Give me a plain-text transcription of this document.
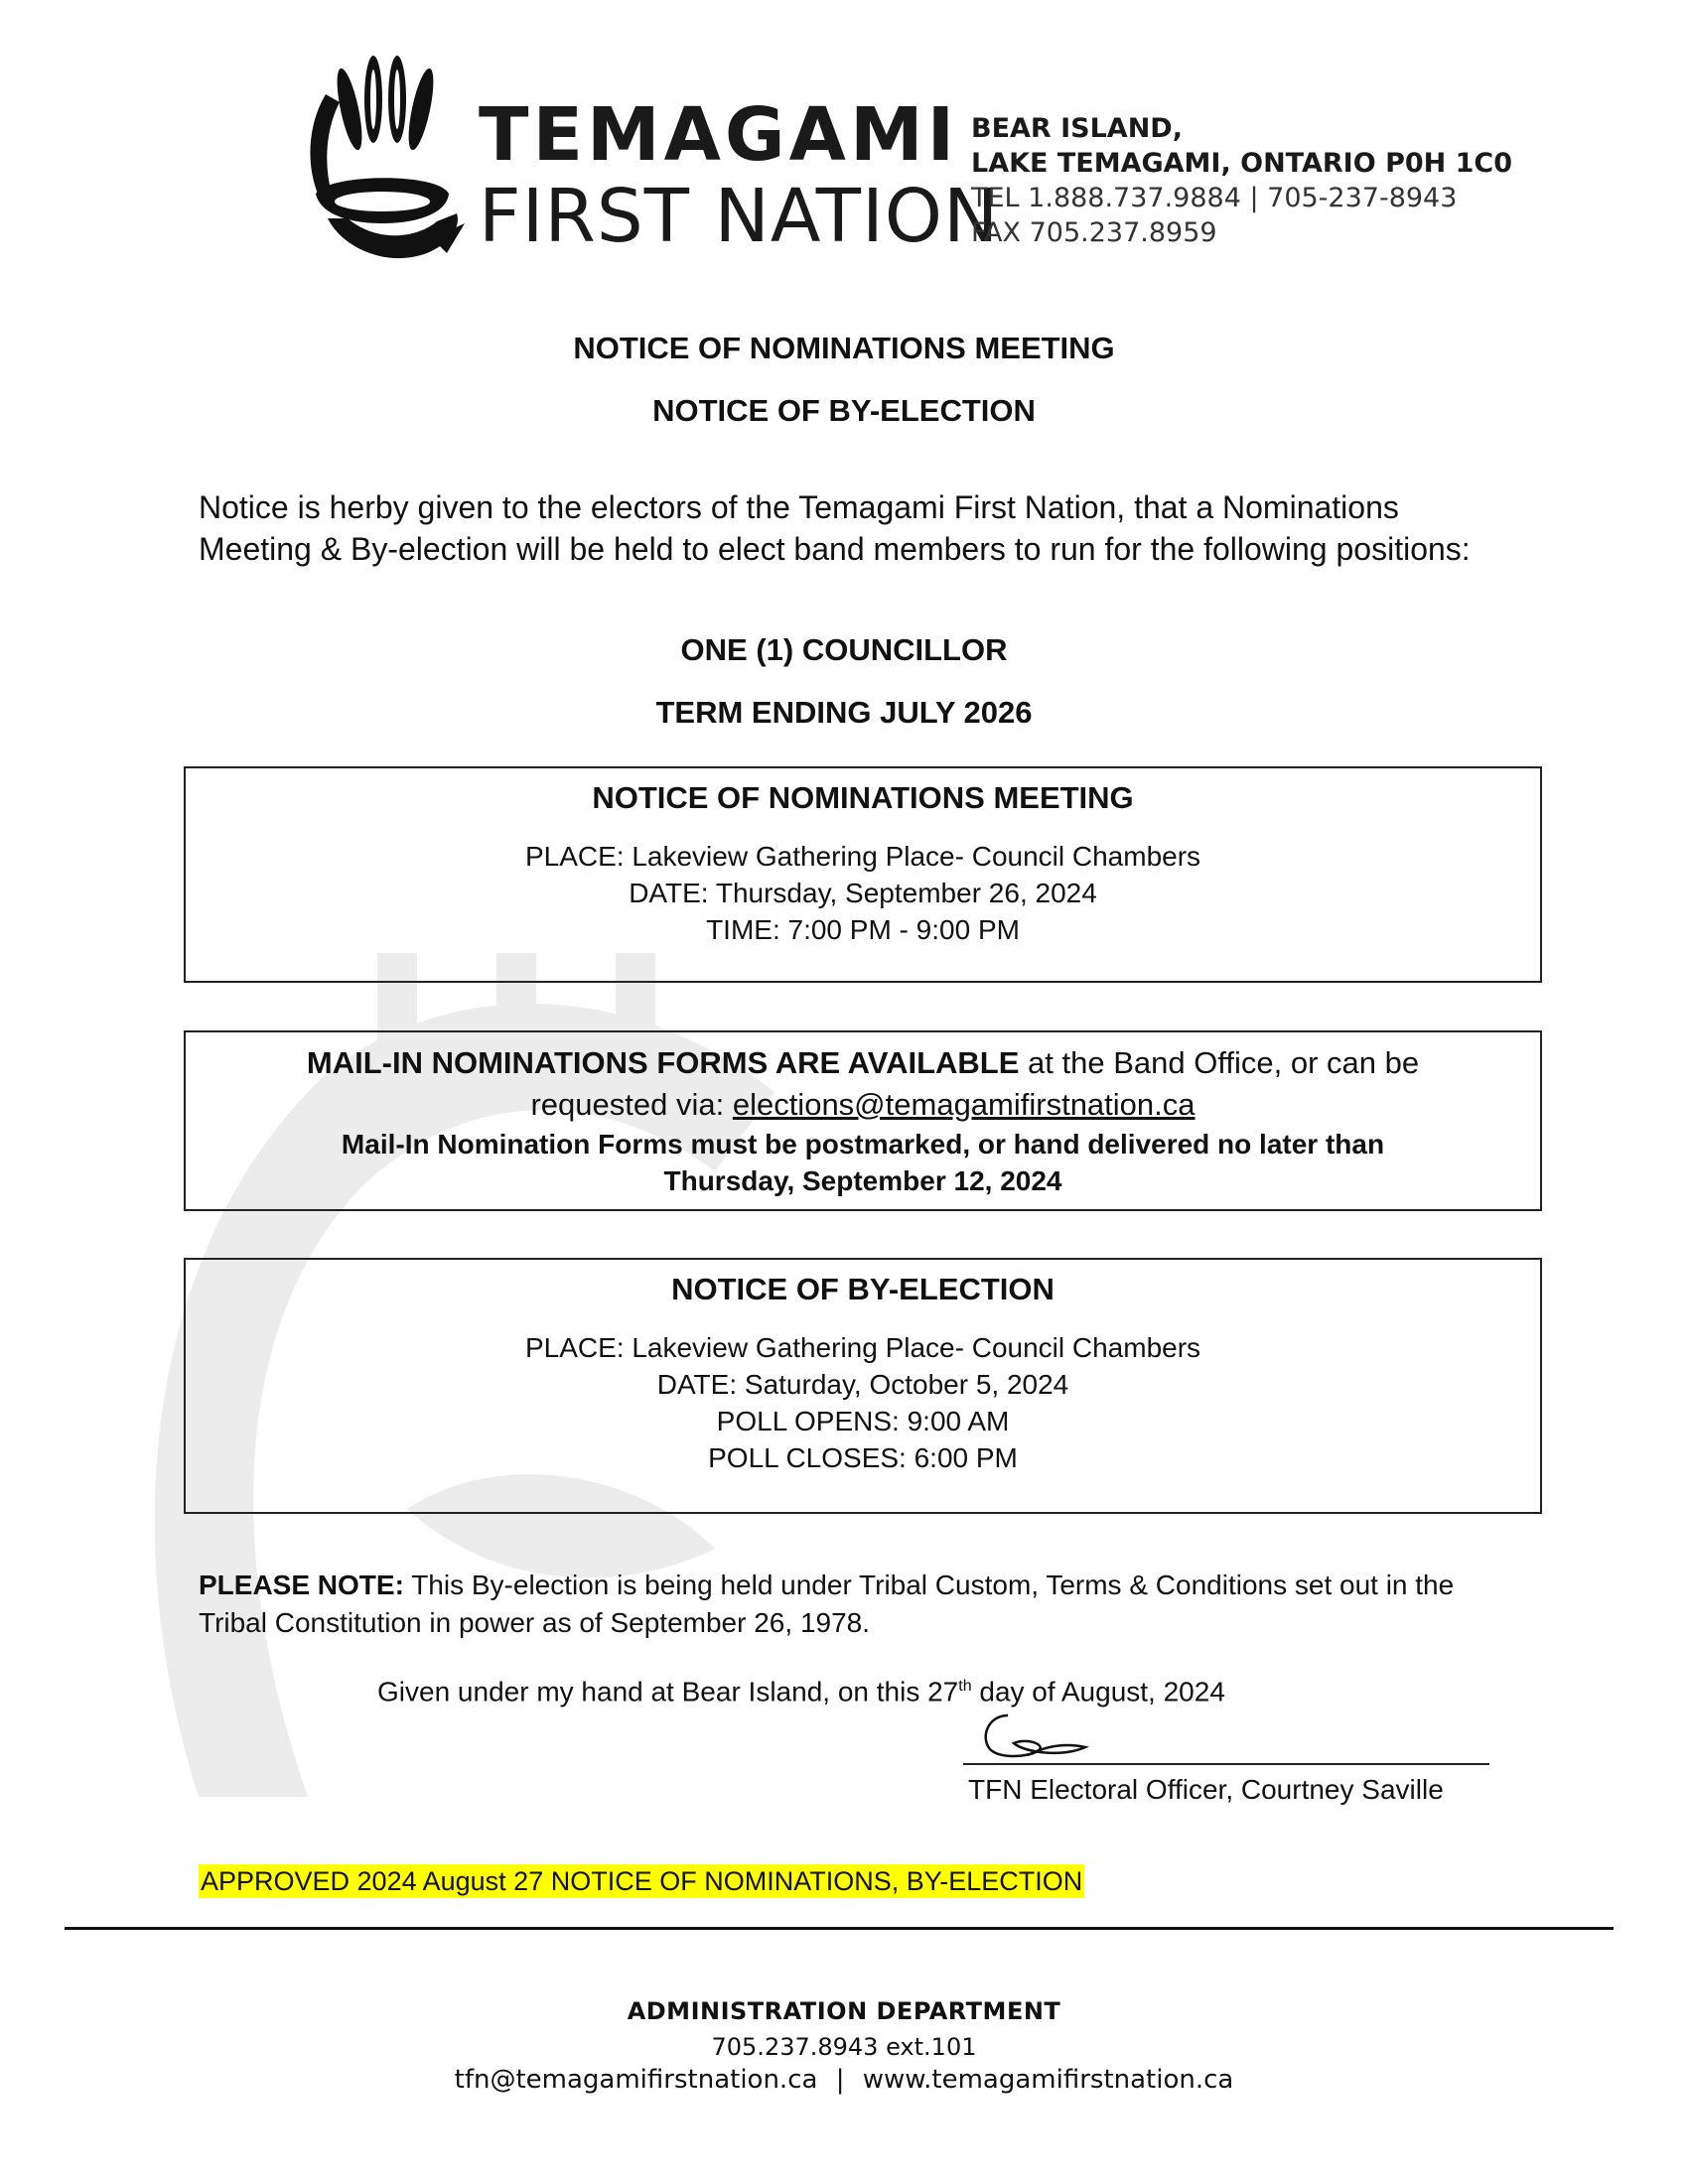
TEMAGAMI
FIRST NATION
BEAR ISLAND,
LAKE TEMAGAMI, ONTARIO P0H 1C0
TEL 1.888.737.9884 | 705-237-8943
FAX 705.237.8959
NOTICE OF NOMINATIONS MEETING
NOTICE OF BY-ELECTION
Notice is herby given to the electors of the Temagami First Nation, that a Nominations Meeting & By-election will be held to elect band members to run for the following positions:
ONE (1) COUNCILLOR
TERM ENDING JULY 2026
NOTICE OF NOMINATIONS MEETING
PLACE: Lakeview Gathering Place- Council Chambers
DATE: Thursday, September 26, 2024
TIME: 7:00 PM - 9:00 PM
MAIL-IN NOMINATIONS FORMS ARE AVAILABLE at the Band Office, or can be
requested via: elections@temagamifirstnation.ca
Mail-In Nomination Forms must be postmarked, or hand delivered no later than
Thursday, September 12, 2024
NOTICE OF BY-ELECTION
PLACE: Lakeview Gathering Place- Council Chambers
DATE: Saturday, October 5, 2024
POLL OPENS: 9:00 AM
POLL CLOSES: 6:00 PM
PLEASE NOTE: This By-election is being held under Tribal Custom, Terms & Conditions set out in the Tribal Constitution in power as of September 26, 1978.
Given under my hand at Bear Island, on this 27th day of August, 2024
TFN Electoral Officer, Courtney Saville
APPROVED 2024 August 27 NOTICE OF NOMINATIONS, BY-ELECTION
ADMINISTRATION DEPARTMENT
705.237.8943 ext.101
tfn@temagamifirstnation.ca | www.temagamifirstnation.ca
